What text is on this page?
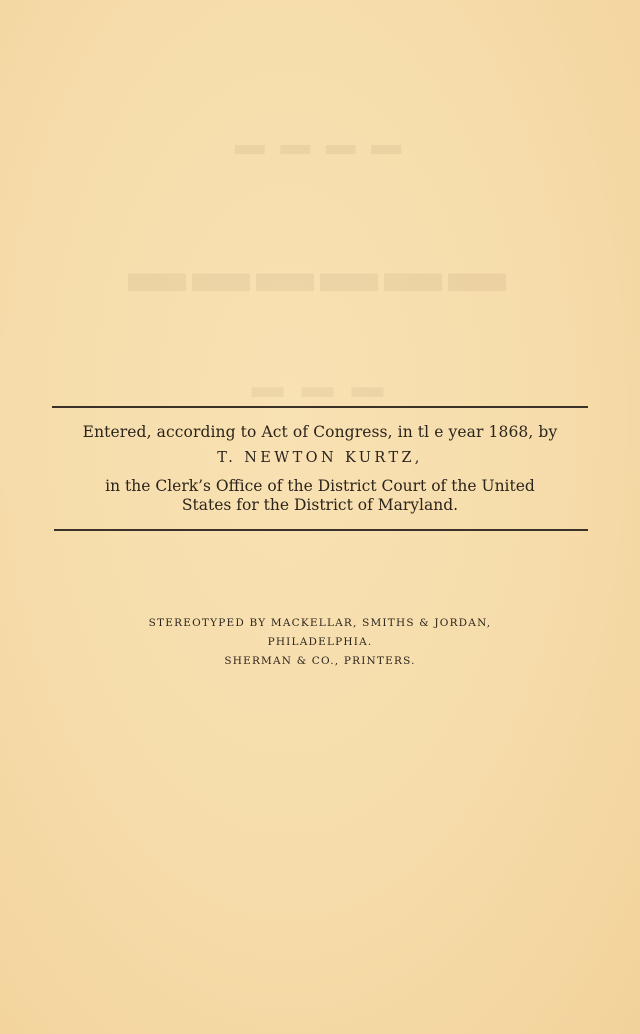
▬ ▬ ▬ ▬
▬▬▬▬▬▬
▬ ▬ ▬
Entered, according to Act of Congress, in tl e year 1868, by
T. NEWTON KURTZ,
in the Clerk’s Office of the District Court of the United
States for the District of Maryland.
STEREOTYPED BY MACKELLAR, SMITHS & JORDAN,
PHILADELPHIA.
SHERMAN & CO., PRINTERS.
